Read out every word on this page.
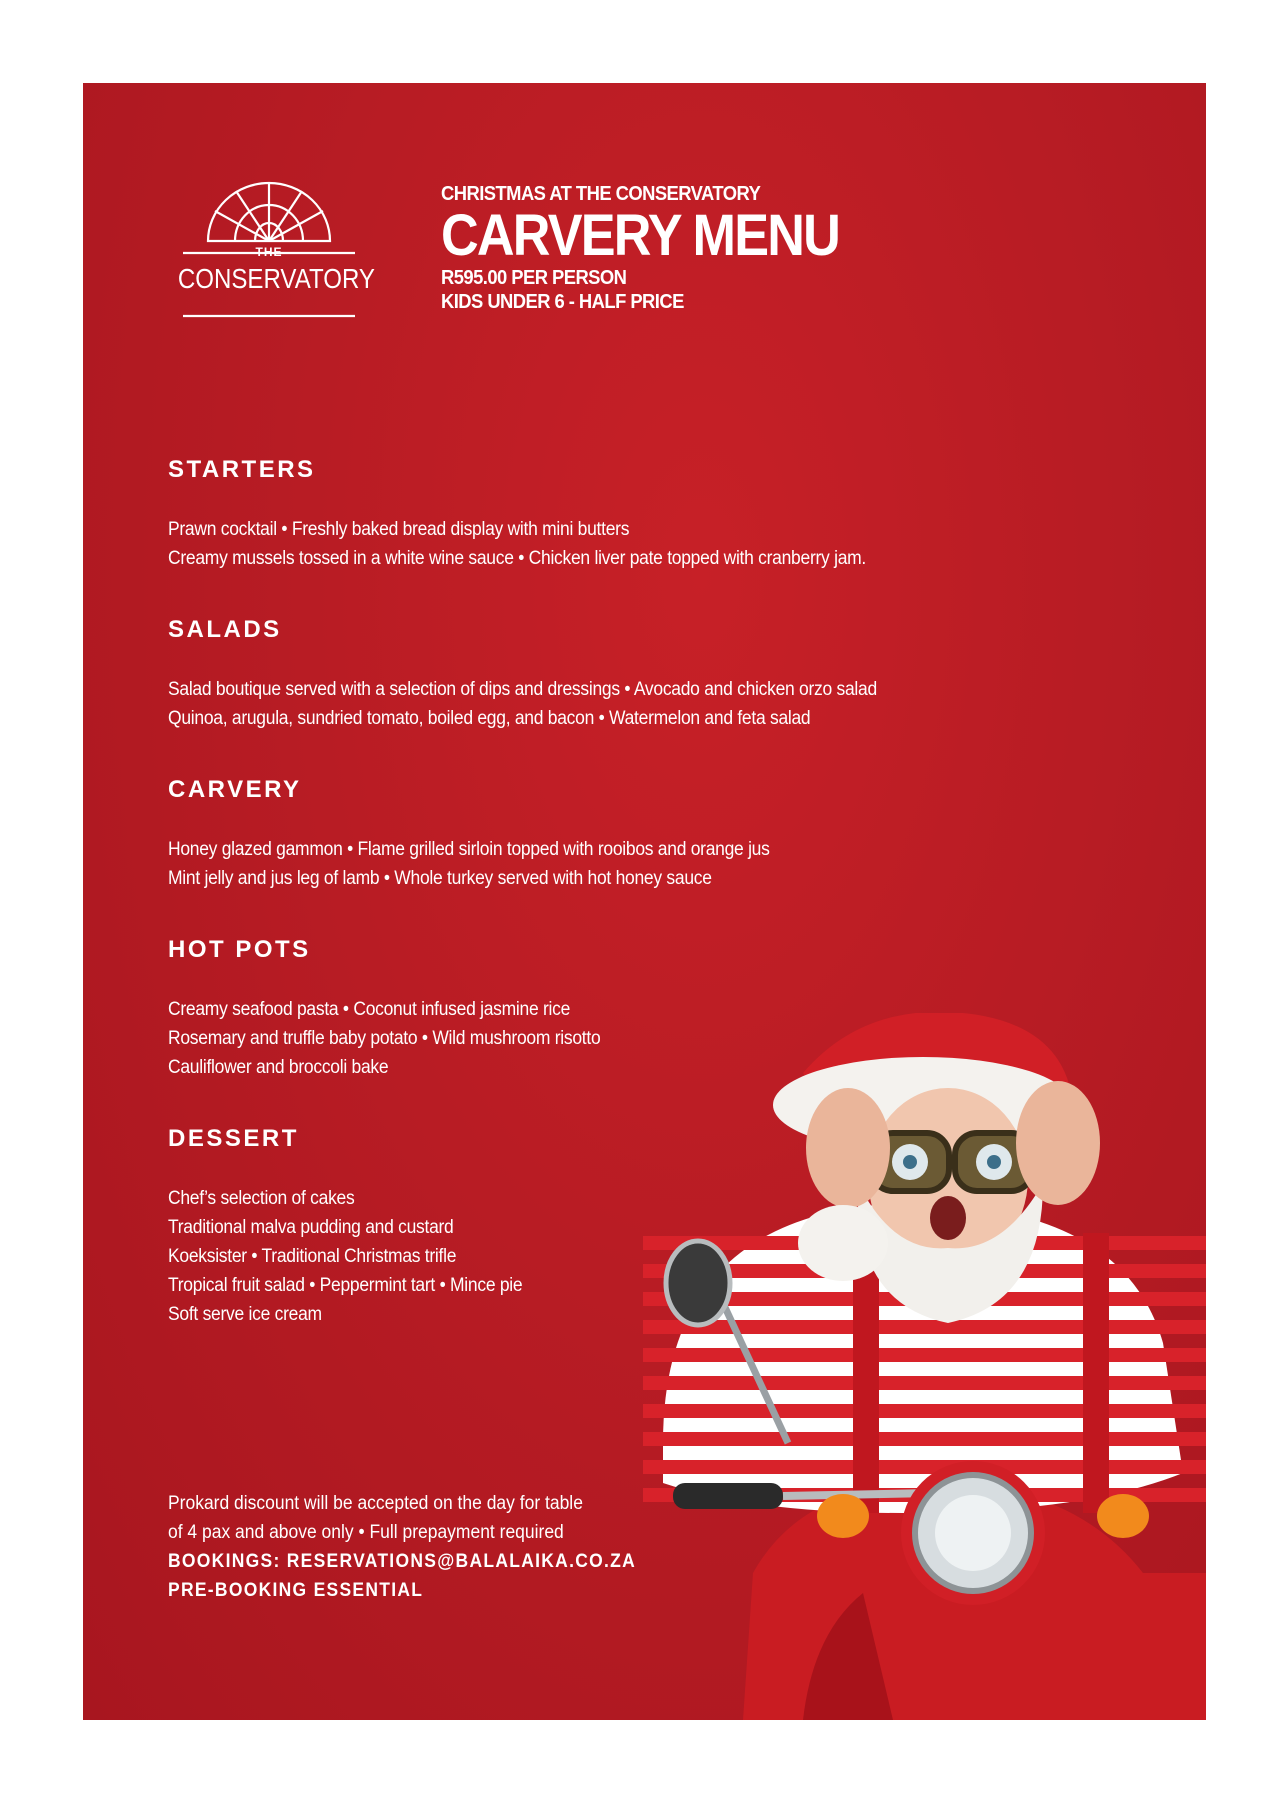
THE
CONSERVATORY
CHRISTMAS AT THE CONSERVATORY
CARVERY MENU
R595.00 PER PERSON
KIDS UNDER 6 - HALF PRICE
STARTERS
Prawn cocktail • Freshly baked bread display with mini butters
Creamy mussels tossed in a white wine sauce • Chicken liver pate topped with cranberry jam.
SALADS
Salad boutique served with a selection of dips and dressings • Avocado and chicken orzo salad
Quinoa, arugula, sundried tomato, boiled egg, and bacon • Watermelon and feta salad
CARVERY
Honey glazed gammon • Flame grilled sirloin topped with rooibos and orange jus
Mint jelly and jus leg of lamb • Whole turkey served with hot honey sauce
HOT POTS
Creamy seafood pasta • Coconut infused jasmine rice
Rosemary and truffle baby potato • Wild mushroom risotto
Cauliflower and broccoli bake
DESSERT
Chef’s selection of cakes
Traditional malva pudding and custard
Koeksister • Traditional Christmas trifle
Tropical fruit salad • Peppermint tart • Mince pie
Soft serve ice cream
Prokard discount will be accepted on the day for table
of 4 pax and above only • Full prepayment required
BOOKINGS: RESERVATIONS@BALALAIKA.CO.ZA
PRE-BOOKING ESSENTIAL
